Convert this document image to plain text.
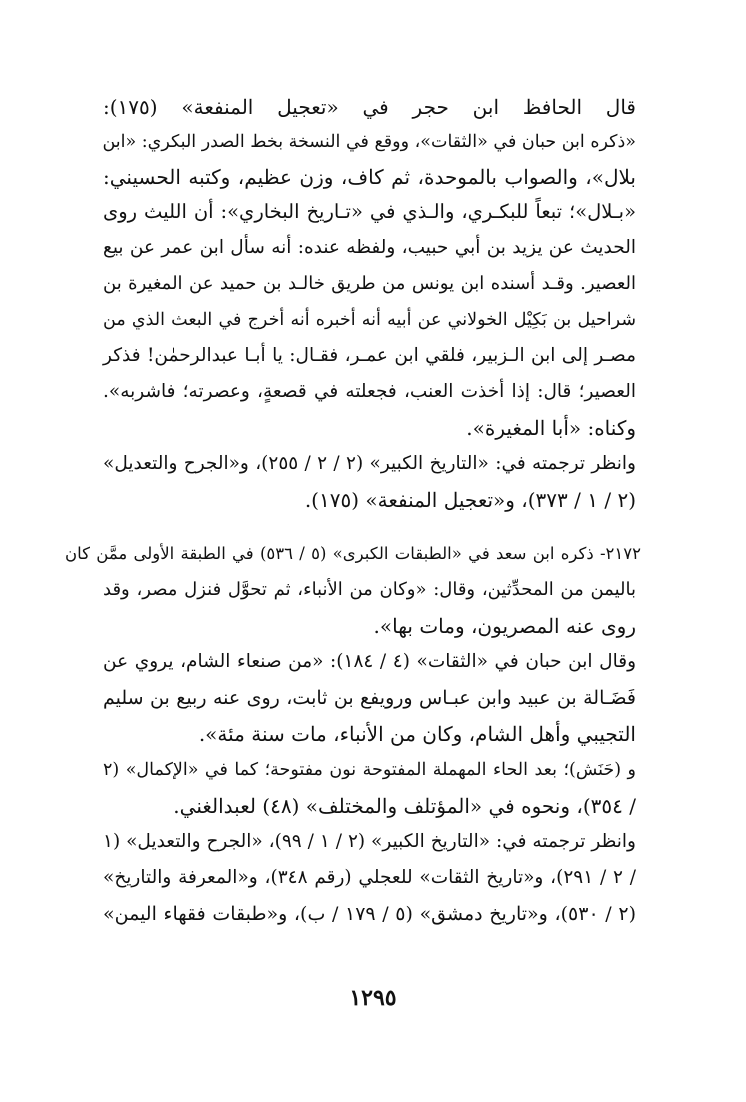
قال الحافظ ابن حجر في «تعجيل المنفعة» (١٧٥):
«ذكره ابن حبان في «الثقات»، ووقع في النسخة بخط الصدر البكري: «ابن
بلال»، والصواب بالموحدة، ثم كاف، وزن عظيم، وكتبه الحسيني:
«بـلال»؛ تبعاً للبكـري، والـذي في «تـاريخ البخاري»: أن الليث روى
الحديث عن يزيد بن أبي حبيب، ولفظه عنده: أنه سأل ابن عمر عن بيع
العصير. وقـد أسنده ابن يونس من طريق خالـد بن حميد عن المغيرة بن
شراحيل بن بَكِيْل الخولاني عن أبيه أنه أخبره أنه أخرج في البعث الذي من
مصـر إلى ابن الـزبير، فلقي ابن عمـر، فقـال: يا أبـا عبدالرحمٰن! فذكر
العصير؛ قال: إذا أخذت العنب، فجعلته في قصعةٍ، وعصرته؛ فاشربه».
وكناه: «أبا المغيرة».
وانظر ترجمته في: «التاريخ الكبير» (٢ / ٢ / ٢٥٥)، و«الجرح والتعديل»
(٢ / ١ / ٣٧٣)، و«تعجيل المنفعة» (١٧٥).
٢١٧٢- ذكره ابن سعد في «الطبقات الكبرى» (٥ / ٥٣٦) في الطبقة الأولى ممَّن كان
باليمن من المحدِّثين، وقال: «وكان من الأنباء، ثم تحوَّل فنزل مصر، وقد
روى عنه المصريون، ومات بها».
وقال ابن حبان في «الثقات» (٤ / ١٨٤): «من صنعاء الشام، يروي عن
فَضَـالة بن عبيد وابن عبـاس ورويفع بن ثابت، روى عنه ربيع بن سليم
التجيبي وأهل الشام، وكان من الأنباء، مات سنة مئة».
و (حَنَش)؛ بعد الحاء المهملة المفتوحة نون مفتوحة؛ كما في «الإكمال» (٢
/ ٣٥٤)، ونحوه في «المؤتلف والمختلف» (٤٨) لعبدالغني.
وانظر ترجمته في: «التاريخ الكبير» (٢ / ١ / ٩٩)، «الجرح والتعديل» (١
/ ٢ / ٢٩١)، و«تاريخ الثقات» للعجلي (رقم ٣٤٨)، و«المعرفة والتاريخ»
(٢ / ٥٣٠)، و«تاريخ دمشق» (٥ / ١٧٩ / ب)، و«طبقات فقهاء اليمن»
١٢٩٥
